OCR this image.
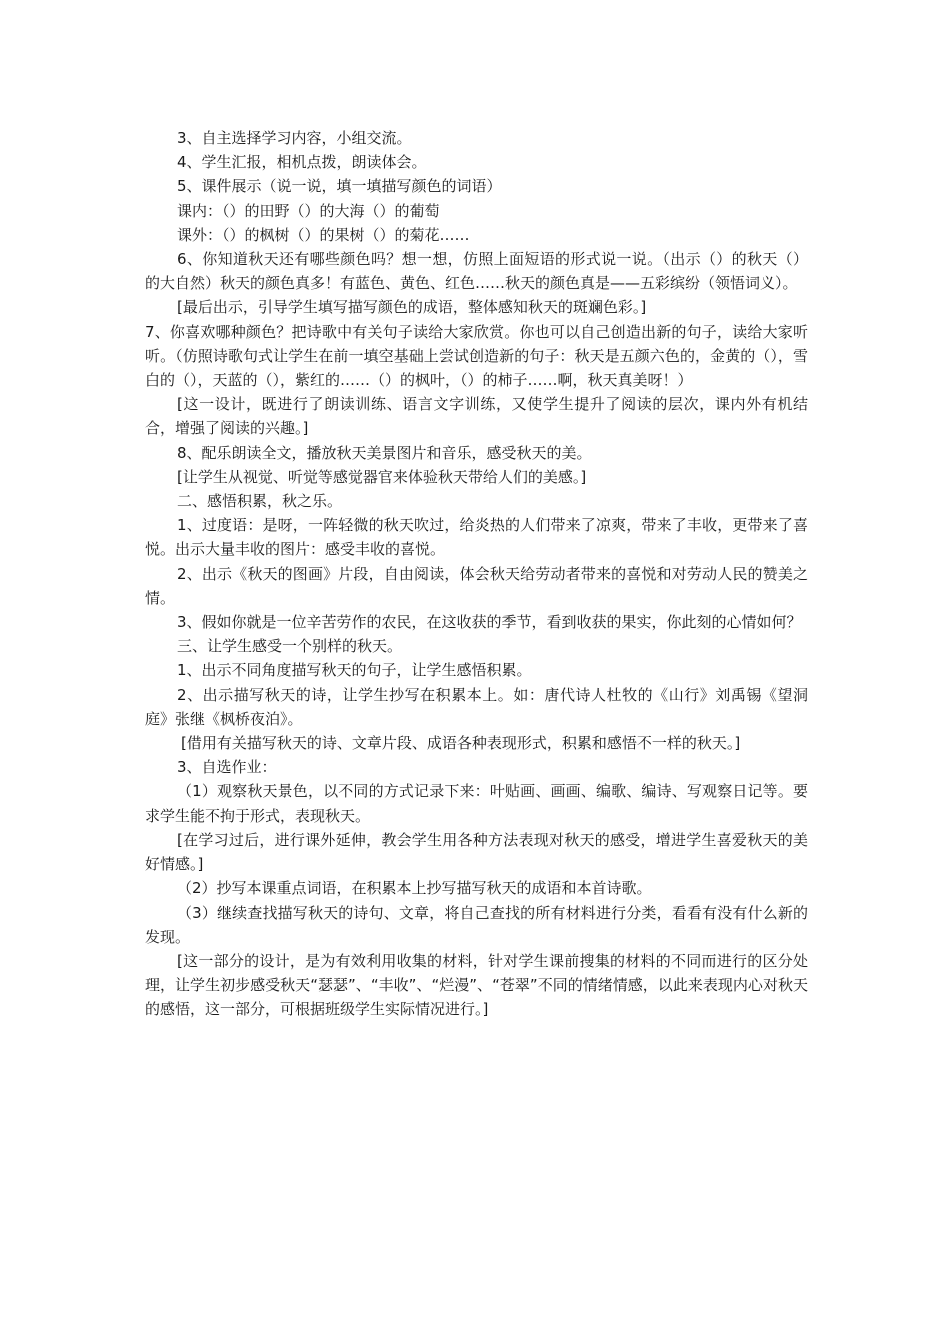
3、自主选择学习内容，小组交流。

4、学生汇报，相机点拨，朗读体会。

5、课件展示（说一说，填一填描写颜色的词语）

课内：（）的田野（）的大海（）的葡萄

课外：（）的枫树（）的果树（）的菊花……

6、你知道秋天还有哪些颜色吗？想一想，仿照上面短语的形式说一说。（出示（）的秋天（）的大自然）秋天的颜色真多！有蓝色、黄色、红色……秋天的颜色真是——五彩缤纷（领悟词义）。

[最后出示，引导学生填写描写颜色的成语，整体感知秋天的斑斓色彩。]

7、你喜欢哪种颜色？把诗歌中有关句子读给大家欣赏。你也可以自己创造出新的句子，读给大家听听。（仿照诗歌句式让学生在前一填空基础上尝试创造新的句子：秋天是五颜六色的，金黄的（），雪白的（），天蓝的（），紫红的……（）的枫叶，（）的柿子……啊，秋天真美呀！）

[这一设计，既进行了朗读训练、语言文字训练，又使学生提升了阅读的层次，课内外有机结合，增强了阅读的兴趣。]

8、配乐朗读全文，播放秋天美景图片和音乐，感受秋天的美。

[让学生从视觉、听觉等感觉器官来体验秋天带给人们的美感。]

二、感悟积累，秋之乐。

1、过度语：是呀，一阵轻微的秋天吹过，给炎热的人们带来了凉爽，带来了丰收，更带来了喜悦。出示大量丰收的图片：感受丰收的喜悦。

2、出示《秋天的图画》片段，自由阅读，体会秋天给劳动者带来的喜悦和对劳动人民的赞美之情。

3、假如你就是一位辛苦劳作的农民，在这收获的季节，看到收获的果实，你此刻的心情如何？

三、让学生感受一个别样的秋天。

1、出示不同角度描写秋天的句子，让学生感悟积累。

2、出示描写秋天的诗，让学生抄写在积累本上。如：唐代诗人杜牧的《山行》刘禹锡《望洞庭》张继《枫桥夜泊》。

[借用有关描写秋天的诗、文章片段、成语各种表现形式，积累和感悟不一样的秋天。]

3、自选作业：

（1）观察秋天景色，以不同的方式记录下来：叶贴画、画画、编歌、编诗、写观察日记等。要求学生能不拘于形式，表现秋天。

[在学习过后，进行课外延伸，教会学生用各种方法表现对秋天的感受，增进学生喜爱秋天的美好情感。]

（2）抄写本课重点词语，在积累本上抄写描写秋天的成语和本首诗歌。

（3）继续查找描写秋天的诗句、文章，将自己查找的所有材料进行分类，看看有没有什么新的发现。

[这一部分的设计，是为有效利用收集的材料，针对学生课前搜集的材料的不同而进行的区分处理，让学生初步感受秋天“瑟瑟”、“丰收”、“烂漫”、“苍翠”不同的情绪情感，以此来表现内心对秋天的感悟，这一部分，可根据班级学生实际情况进行。]
